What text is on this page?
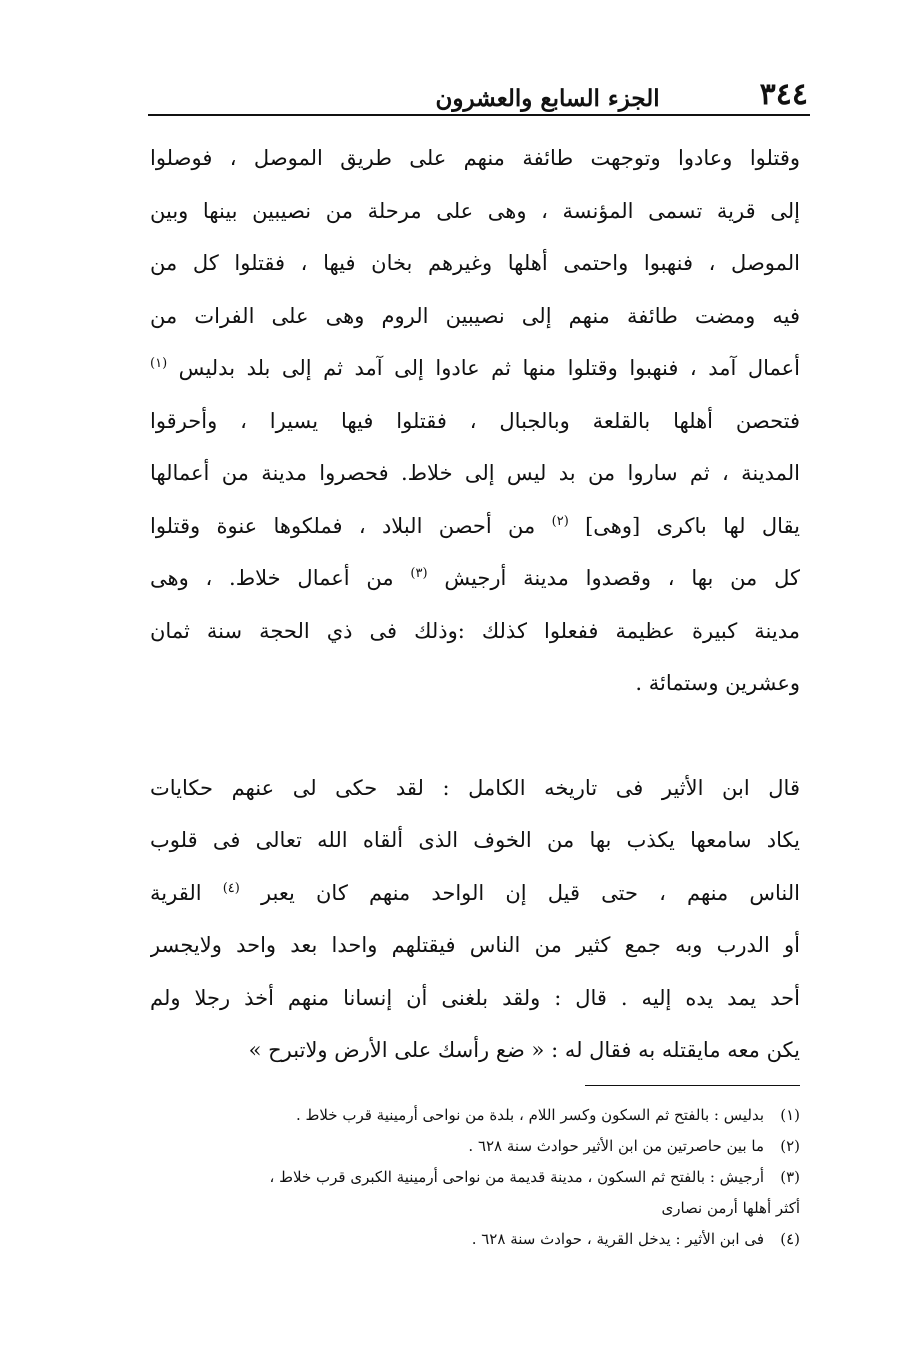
٣٤٤
الجزء السابع والعشرون
وقتلوا وعادوا وتوجهت طائفة منهم على طريق الموصل ، فوصلوا
إلى قرية تسمى المؤنسة ، وهى على مرحلة من نصيبين بينها وبين
الموصل ، فنهبوا واحتمى أهلها وغيرهم بخان فيها ، فقتلوا كل من
فيه ومضت طائفة منهم إلى نصيبين الروم وهى على الفرات من
أعمال آمد ، فنهبوا وقتلوا منها ثم عادوا إلى آمد ثم إلى بلد بدليس $^{(١)}$
فتحصن أهلها بالقلعة وبالجبال ، فقتلوا فيها يسيرا ، وأحرقوا
المدينة ، ثم ساروا من بد ليس إلى خلاط. فحصروا مدينة من أعمالها
يقال لها باكرى [وهى] $^{(٢)}$ من أحصن البلاد ، فملكوها عنوة وقتلوا
كل من بها ، وقصدوا مدينة أرجيش $^{(٣)}$ من أعمال خلاط. ، وهى
مدينة كبيرة عظيمة ففعلوا كذلك :وذلك فى ذي الحجة سنة ثمان
وعشرين وستمائة .
قال ابن الأثير فى تاريخه الكامل : لقد حكى لى عنهم حكايات
يكاد سامعها يكذب بها من الخوف الذى ألقاه الله تعالى فى قلوب
الناس منهم ، حتى قيل إن الواحد منهم كان يعبر $^{(٤)}$ القرية
أو الدرب وبه جمع كثير من الناس فيقتلهم واحدا بعد واحد ولايجسر
أحد يمد يده إليه . قال : ولقد بلغنى أن إنسانا منهم أخذ رجلا ولم
يكن معه مايقتله به فقال له : « ضع رأسك على الأرض ولاتبرح »
(١)بدليس : بالفتح ثم السكون وكسر اللام ، بلدة من نواحى أرمينية قرب خلاط .
(٢)ما بين حاصرتين من ابن الأثير حوادث سنة ٦٢٨ .
(٣)أرجيش : بالفتح ثم السكون ، مدينة قديمة من نواحى أرمينية الكبرى قرب خلاط ،
أكثر أهلها أرمن نصارى
(٤)فى ابن الأثير : يدخل القرية ، حوادث سنة ٦٢٨ .
